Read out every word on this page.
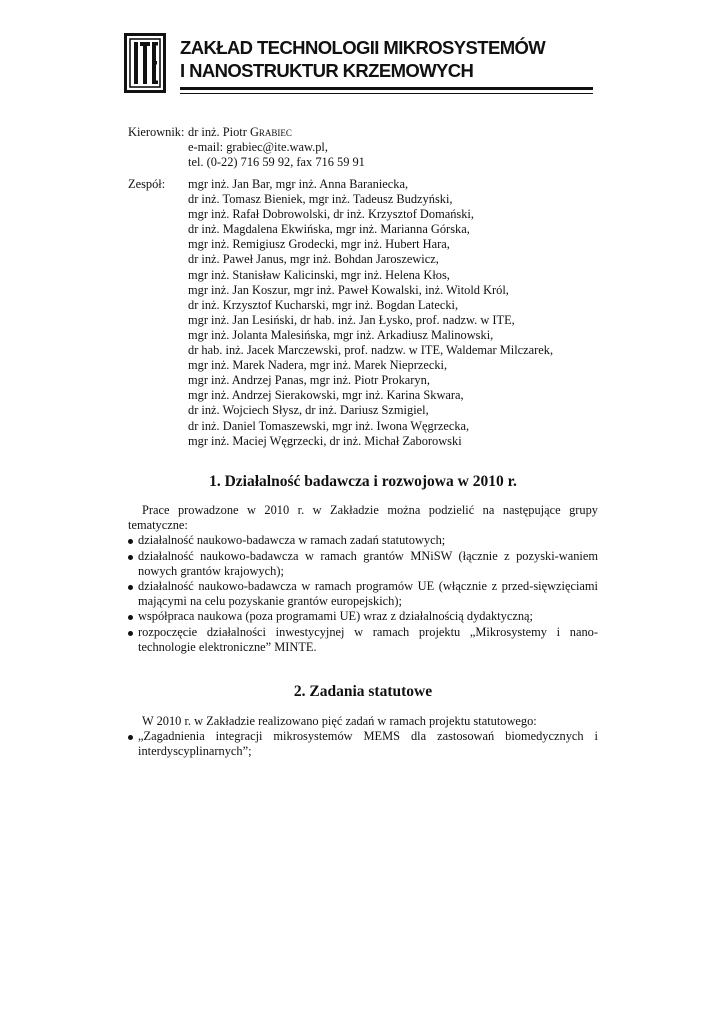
ZAKŁAD TECHNOLOGII MIKROSYSTEMÓW
I NANOSTRUKTUR KRZEMOWYCH
Kierownik: dr inż. Piotr Grabiec
e-mail: grabiec@ite.waw.pl,
tel. (0-22) 716 59 92, fax 716 59 91
Zespół:	mgr inż. Jan Bar, mgr inż. Anna Baraniecka,
dr inż. Tomasz Bieniek, mgr inż. Tadeusz Budzyński,
mgr inż. Rafał Dobrowolski, dr inż. Krzysztof Domański,
dr inż. Magdalena Ekwińska, mgr inż. Marianna Górska,
mgr inż. Remigiusz Grodecki, mgr inż. Hubert Hara,
dr inż. Paweł Janus, mgr inż. Bohdan Jaroszewicz,
mgr inż. Stanisław Kalicinski, mgr inż. Helena Kłos,
mgr inż. Jan Koszur, mgr inż. Paweł Kowalski, inż. Witold Król,
dr inż. Krzysztof Kucharski, mgr inż. Bogdan Latecki,
mgr inż. Jan Lesiński, dr hab. inż. Jan Łysko, prof. nadzw. w ITE,
mgr inż. Jolanta Malesińska, mgr inż. Arkadiusz Malinowski,
dr hab. inż. Jacek Marczewski, prof. nadzw. w ITE, Waldemar Milczarek,
mgr inż. Marek Nadera, mgr inż. Marek Nieprzecki,
mgr inż. Andrzej Panas, mgr inż. Piotr Prokaryn,
mgr inż. Andrzej Sierakowski, mgr inż. Karina Skwara,
dr inż. Wojciech Słysz, dr inż. Dariusz Szmigiel,
dr inż. Daniel Tomaszewski, mgr inż. Iwona Węgrzecka,
mgr inż. Maciej Węgrzecki, dr inż. Michał Zaborowski
1. Działalność badawcza i rozwojowa w 2010 r.
Prace prowadzone w 2010 r. w Zakładzie można podzielić na następujące grupy tematyczne:
działalność naukowo-badawcza w ramach zadań statutowych;
działalność naukowo-badawcza w ramach grantów MNiSW (łącznie z pozyski-waniem nowych grantów krajowych);
działalność naukowo-badawcza w ramach programów UE (włącznie z przed-sięwzięciami mającymi na celu pozyskanie grantów europejskich);
współpraca naukowa (poza programami UE) wraz z działalnością dydaktyczną;
rozpoczęcie działalności inwestycyjnej w ramach projektu „Mikrosystemy i nano-technologie elektroniczne” MINTE.
2. Zadania statutowe
W 2010 r. w Zakładzie realizowano pięć zadań w ramach projektu statutowego:
„Zagadnienia integracji mikrosystemów MEMS dla zastosowań biomedycznych i interdyscyplinarnych”;
